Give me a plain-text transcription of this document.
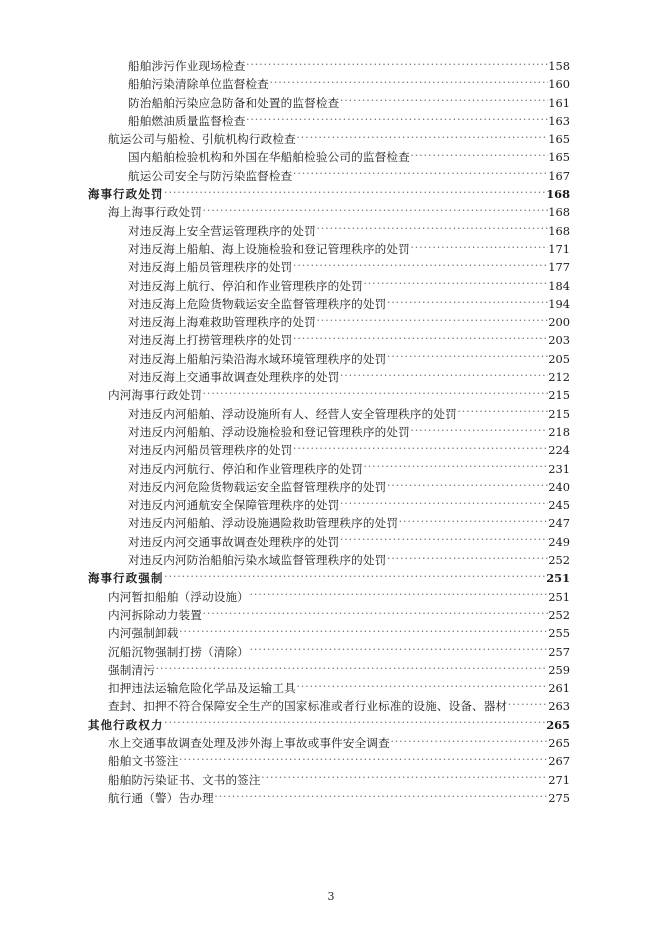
船舶涉污作业现场检查 .....	158
船舶污染清除单位监督检查 .....	160
防治船舶污染应急防备和处置的监督检查 .....	161
船舶燃油质量监督检查 .....	163
航运公司与船检、引航机构行政检查 .....	165
国内船舶检验机构和外国在华船舶检验公司的监督检查 .....	165
航运公司安全与防污染监督检查 .....	167
海事行政处罚 .....	168
海上海事行政处罚 .....	168
对违反海上安全营运管理秩序的处罚 .....	168
对违反海上船舶、海上设施检验和登记管理秩序的处罚 .....	171
对违反海上船员管理秩序的处罚 .....	177
对违反海上航行、停泊和作业管理秩序的处罚 .....	184
对违反海上危险货物载运安全监督管理秩序的处罚 .....	194
对违反海上海难救助管理秩序的处罚 .....	200
对违反海上打捞管理秩序的处罚 .....	203
对违反海上船舶污染沿海水域环境管理秩序的处罚 .....	205
对违反海上交通事故调查处理秩序的处罚 .....	212
内河海事行政处罚 .....	215
对违反内河船舶、浮动设施所有人、经营人安全管理秩序的处罚 .....	215
对违反内河船舶、浮动设施检验和登记管理秩序的处罚 .....	218
对违反内河船员管理秩序的处罚 .....	224
对违反内河航行、停泊和作业管理秩序的处罚 .....	231
对违反内河危险货物载运安全监督管理秩序的处罚 .....	240
对违反内河通航安全保障管理秩序的处罚 .....	245
对违反内河船舶、浮动设施遇险救助管理秩序的处罚 .....	247
对违反内河交通事故调查处理秩序的处罚 .....	249
对违反内河防治船舶污染水域监督管理秩序的处罚 .....	252
海事行政强制 .....	251
内河暂扣船舶（浮动设施） .....	251
内河拆除动力装置 .....	252
内河强制卸载 .....	255
沉船沉物强制打捞（清除） .....	257
强制清污 .....	259
扣押违法运输危险化学品及运输工具 .....	261
查封、扣押不符合保障安全生产的国家标准或者行业标准的设施、设备、器材 .....	263
其他行政权力 .....	265
水上交通事故调查处理及涉外海上事故或事件安全调查 .....	265
船舶文书签注 .....	267
船舶防污染证书、文书的签注 .....	271
航行通（警）告办理 .....	275
3
